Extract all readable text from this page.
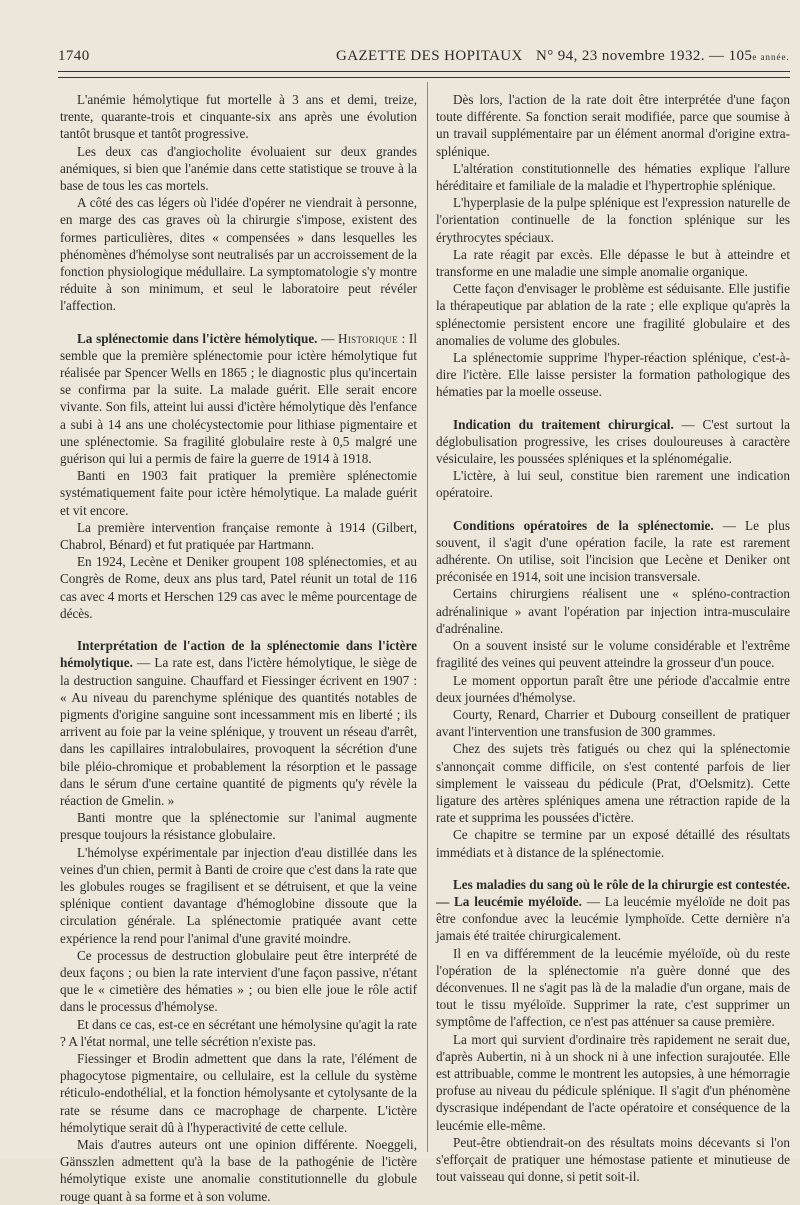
1740	GAZETTE DES HOPITAUX N° 94, 23 novembre 1932. — 105e année.

L'anémie hémolytique fut mortelle à 3 ans et demi, treize, trente, quarante-trois et cinquante-six ans après une évolution tantôt brusque et tantôt progressive.

Les deux cas d'angiocholite évoluaient sur deux grandes anémiques, si bien que l'anémie dans cette statistique se trouve à la base de tous les cas mortels.

A côté des cas légers où l'idée d'opérer ne viendrait à personne, en marge des cas graves où la chirurgie s'impose, existent des formes particulières, dites « compensées » dans lesquelles les phénomènes d'hémolyse sont neutralisés par un accroissement de la fonction physiologique médullaire. La symptomatologie s'y montre réduite à son minimum, et seul le laboratoire peut révéler l'affection.

La splénectomie dans l'ictère hémolytique. — Historique : Il semble que la première splénectomie pour ictère hémolytique fut réalisée par Spencer Wells en 1865 ; le diagnostic plus qu'incertain se confirma par la suite. La malade guérit. Elle serait encore vivante. Son fils, atteint lui aussi d'ictère hémolytique dès l'enfance a subi à 14 ans une cholécystectomie pour lithiase pigmentaire et une splénectomie. Sa fragilité globulaire reste à 0,5 malgré une guérison qui lui a permis de faire la guerre de 1914 à 1918.

Banti en 1903 fait pratiquer la première splénectomie systématiquement faite pour ictère hémolytique. La malade guérit et vit encore.

La première intervention française remonte à 1914 (Gilbert, Chabrol, Bénard) et fut pratiquée par Hartmann.

En 1924, Lecène et Deniker groupent 108 splénectomies, et au Congrès de Rome, deux ans plus tard, Patel réunit un total de 116 cas avec 4 morts et Herschen 129 cas avec le même pourcentage de décès.

Interprétation de l'action de la splénectomie dans l'ictère hémolytique. — La rate est, dans l'ictère hémolytique, le siège de la destruction sanguine. Chauffard et Fiessinger écrivent en 1907 : « Au niveau du parenchyme splénique des quantités notables de pigments d'origine sanguine sont incessamment mis en liberté ; ils arrivent au foie par la veine splénique, y trouvent un réseau d'arrêt, dans les capillaires intralobulaires, provoquent la sécrétion d'une bile pléio-chromique et probablement la résorption et le passage dans le sérum d'une certaine quantité de pigments qu'y révèle la réaction de Gmelin. »

Banti montre que la splénectomie sur l'animal augmente presque toujours la résistance globulaire.

L'hémolyse expérimentale par injection d'eau distillée dans les veines d'un chien, permit à Banti de croire que c'est dans la rate que les globules rouges se fragilisent et se détruisent, et que la veine splénique contient davantage d'hémoglobine dissoute que la circulation générale. La splénectomie pratiquée avant cette expérience la rend pour l'animal d'une gravité moindre.

Ce processus de destruction globulaire peut être interprété de deux façons ; ou bien la rate intervient d'une façon passive, n'étant que le « cimetière des hématies » ; ou bien elle joue le rôle actif dans le processus d'hémolyse.

Et dans ce cas, est-ce en sécrétant une hémolysine qu'agit la rate ? A l'état normal, une telle sécrétion n'existe pas.

Fiessinger et Brodin admettent que dans la rate, l'élément de phagocytose pigmentaire, ou cellulaire, est la cellule du système réticulo-endothélial, et la fonction hémolysante et cytolysante de la rate se résume dans ce macrophage de charpente. L'ictère hémolytique serait dû à l'hyperactivité de cette cellule.

Mais d'autres auteurs ont une opinion différente. Noeggeli, Gänsszlen admettent qu'à la base de la pathogénie de l'ictère hémolytique existe une anomalie constitutionnelle du globule rouge quant à sa forme et à son volume.

Dès lors, l'action de la rate doit être interprétée d'une façon toute différente. Sa fonction serait modifiée, parce que soumise à un travail supplémentaire par un élément anormal d'origine extra-splénique.

L'altération constitutionnelle des hématies explique l'allure héréditaire et familiale de la maladie et l'hypertrophie splénique.

L'hyperplasie de la pulpe splénique est l'expression naturelle de l'orientation continuelle de la fonction splénique sur les érythrocytes spéciaux.

La rate réagit par excès. Elle dépasse le but à atteindre et transforme en une maladie une simple anomalie organique.

Cette façon d'envisager le problème est séduisante. Elle justifie la thérapeutique par ablation de la rate ; elle explique qu'après la splénectomie persistent encore une fragilité globulaire et des anomalies de volume des globules.

La splénectomie supprime l'hyper-réaction splénique, c'est-à-dire l'ictère. Elle laisse persister la formation pathologique des hématies par la moelle osseuse.

Indication du traitement chirurgical. — C'est surtout la déglobulisation progressive, les crises douloureuses à caractère vésiculaire, les poussées spléniques et la splénomégalie.

L'ictère, à lui seul, constitue bien rarement une indication opératoire.

Conditions opératoires de la splénectomie. — Le plus souvent, il s'agit d'une opération facile, la rate est rarement adhérente. On utilise, soit l'incision que Lecène et Deniker ont préconisée en 1914, soit une incision transversale.

Certains chirurgiens réalisent une « spléno-contraction adrénalinique » avant l'opération par injection intra-musculaire d'adrénaline.

On a souvent insisté sur le volume considérable et l'extrême fragilité des veines qui peuvent atteindre la grosseur d'un pouce.

Le moment opportun paraît être une période d'accalmie entre deux journées d'hémolyse.

Courty, Renard, Charrier et Dubourg conseillent de pratiquer avant l'intervention une transfusion de 300 grammes.

Chez des sujets très fatigués ou chez qui la splénectomie s'annonçait comme difficile, on s'est contenté parfois de lier simplement le vaisseau du pédicule (Prat, d'Oelsmitz). Cette ligature des artères spléniques amena une rétraction rapide de la rate et supprima les poussées d'ictère.

Ce chapitre se termine par un exposé détaillé des résultats immédiats et à distance de la splénectomie.

Les maladies du sang où le rôle de la chirurgie est contestée. — La leucémie myéloïde. — La leucémie myéloïde ne doit pas être confondue avec la leucémie lymphoïde. Cette dernière n'a jamais été traitée chirurgicalement.

Il en va différemment de la leucémie myéloïde, où du reste l'opération de la splénectomie n'a guère donné que des déconvenues. Il ne s'agit pas là de la maladie d'un organe, mais de tout le tissu myéloïde. Supprimer la rate, c'est supprimer un symptôme de l'affection, ce n'est pas atténuer sa cause première.

La mort qui survient d'ordinaire très rapidement ne serait due, d'après Aubertin, ni à un shock ni à une infection surajoutée. Elle est attribuable, comme le montrent les autopsies, à une hémorragie profuse au niveau du pédicule splénique. Il s'agit d'un phénomène dyscrasique indépendant de l'acte opératoire et conséquence de la leucémie elle-même.

Peut-être obtiendrait-on des résultats moins décevants si l'on s'efforçait de pratiquer une hémostase patiente et minutieuse de tout vaisseau qui donne, si petit soit-il.
